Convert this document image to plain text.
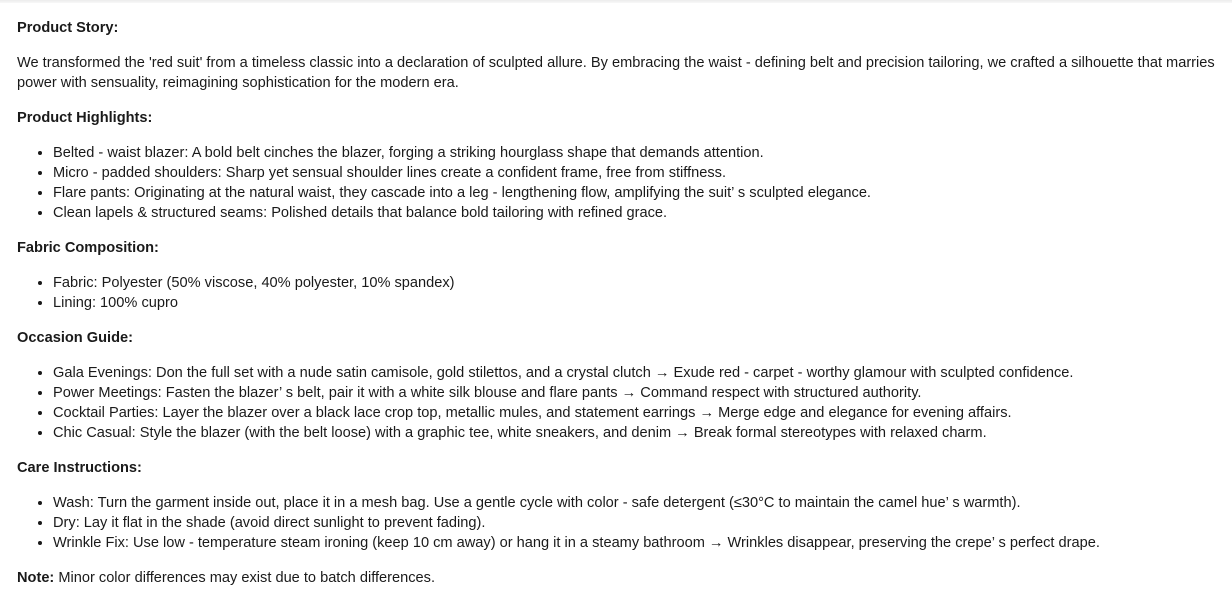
Product Story:

We transformed the 'red suit' from a timeless classic into a declaration of sculpted allure. By embracing the waist - defining belt and precision tailoring, we crafted a silhouette that marries power with sensuality, reimagining sophistication for the modern era.

Product Highlights:
• Belted - waist blazer: A bold belt cinches the blazer, forging a striking hourglass shape that demands attention.
• Micro - padded shoulders: Sharp yet sensual shoulder lines create a confident frame, free from stiffness.
• Flare pants: Originating at the natural waist, they cascade into a leg - lengthening flow, amplifying the suit’ s sculpted elegance.
• Clean lapels & structured seams: Polished details that balance bold tailoring with refined grace.
Fabric Composition:
• Fabric: Polyester (50% viscose, 40% polyester, 10% spandex)
• Lining: 100% cupro
Occasion Guide:
• Gala Evenings: Don the full set with a nude satin camisole, gold stilettos, and a crystal clutch → Exude red - carpet - worthy glamour with sculpted confidence.
• Power Meetings: Fasten the blazer’ s belt, pair it with a white silk blouse and flare pants → Command respect with structured authority.
• Cocktail Parties: Layer the blazer over a black lace crop top, metallic mules, and statement earrings → Merge edge and elegance for evening affairs.
• Chic Casual: Style the blazer (with the belt loose) with a graphic tee, white sneakers, and denim → Break formal stereotypes with relaxed charm.
Care Instructions:
• Wash: Turn the garment inside out, place it in a mesh bag. Use a gentle cycle with color - safe detergent (≤30°C to maintain the camel hue’ s warmth).
• Dry: Lay it flat in the shade (avoid direct sunlight to prevent fading).
• Wrinkle Fix: Use low - temperature steam ironing (keep 10 cm away) or hang it in a steamy bathroom → Wrinkles disappear, preserving the crepe’ s perfect drape.

Note: Minor color differences may exist due to batch differences.
